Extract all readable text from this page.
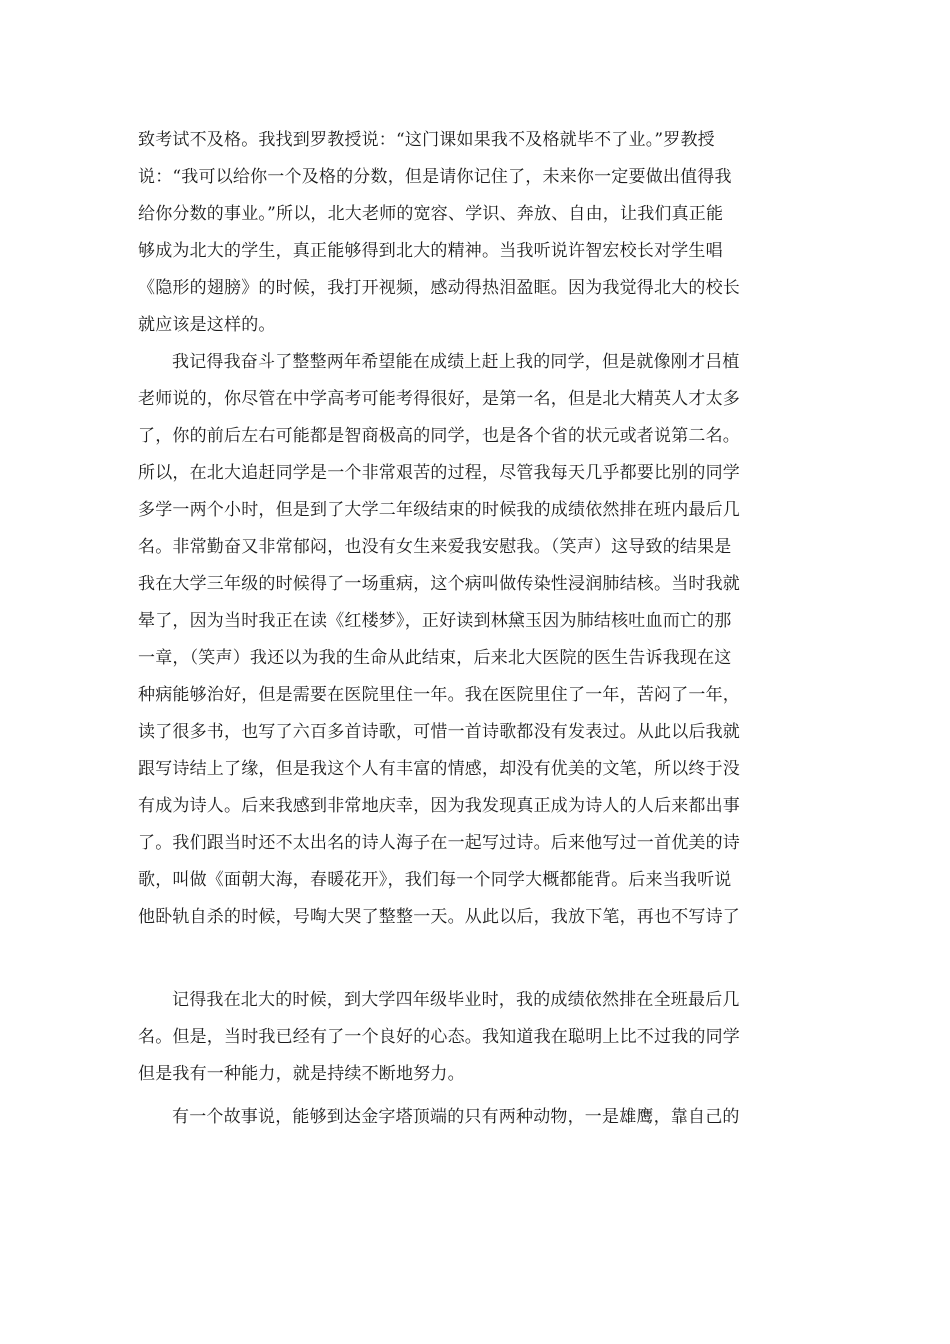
致考试不及格。我找到罗教授说：“这门课如果我不及格就毕不了业。”罗教授
说：“我可以给你一个及格的分数，但是请你记住了，未来你一定要做出值得我
给你分数的事业。”所以，北大老师的宽容、学识、奔放、自由，让我们真正能
够成为北大的学生，真正能够得到北大的精神。当我听说许智宏校长对学生唱
《隐形的翅膀》的时候，我打开视频，感动得热泪盈眶。因为我觉得北大的校长
就应该是这样的。
我记得我奋斗了整整两年希望能在成绩上赶上我的同学，但是就像刚才吕植
老师说的，你尽管在中学高考可能考得很好，是第一名，但是北大精英人才太多
了，你的前后左右可能都是智商极高的同学，也是各个省的状元或者说第二名。
所以，在北大追赶同学是一个非常艰苦的过程，尽管我每天几乎都要比别的同学
多学一两个小时，但是到了大学二年级结束的时候我的成绩依然排在班内最后几
名。非常勤奋又非常郁闷，也没有女生来爱我安慰我。（笑声）这导致的结果是
我在大学三年级的时候得了一场重病，这个病叫做传染性浸润肺结核。当时我就
晕了，因为当时我正在读《红楼梦》，正好读到林黛玉因为肺结核吐血而亡的那
一章，（笑声）我还以为我的生命从此结束，后来北大医院的医生告诉我现在这
种病能够治好，但是需要在医院里住一年。我在医院里住了一年，苦闷了一年，
读了很多书，也写了六百多首诗歌，可惜一首诗歌都没有发表过。从此以后我就
跟写诗结上了缘，但是我这个人有丰富的情感，却没有优美的文笔，所以终于没
有成为诗人。后来我感到非常地庆幸，因为我发现真正成为诗人的人后来都出事
了。我们跟当时还不太出名的诗人海子在一起写过诗。后来他写过一首优美的诗
歌，叫做《面朝大海，春暖花开》，我们每一个同学大概都能背。后来当我听说
他卧轨自杀的时候，号啕大哭了整整一天。从此以后，我放下笔，再也不写诗了
记得我在北大的时候，到大学四年级毕业时，我的成绩依然排在全班最后几
名。但是，当时我已经有了一个良好的心态。我知道我在聪明上比不过我的同学
但是我有一种能力，就是持续不断地努力。
有一个故事说，能够到达金字塔顶端的只有两种动物，一是雄鹰，靠自己的
